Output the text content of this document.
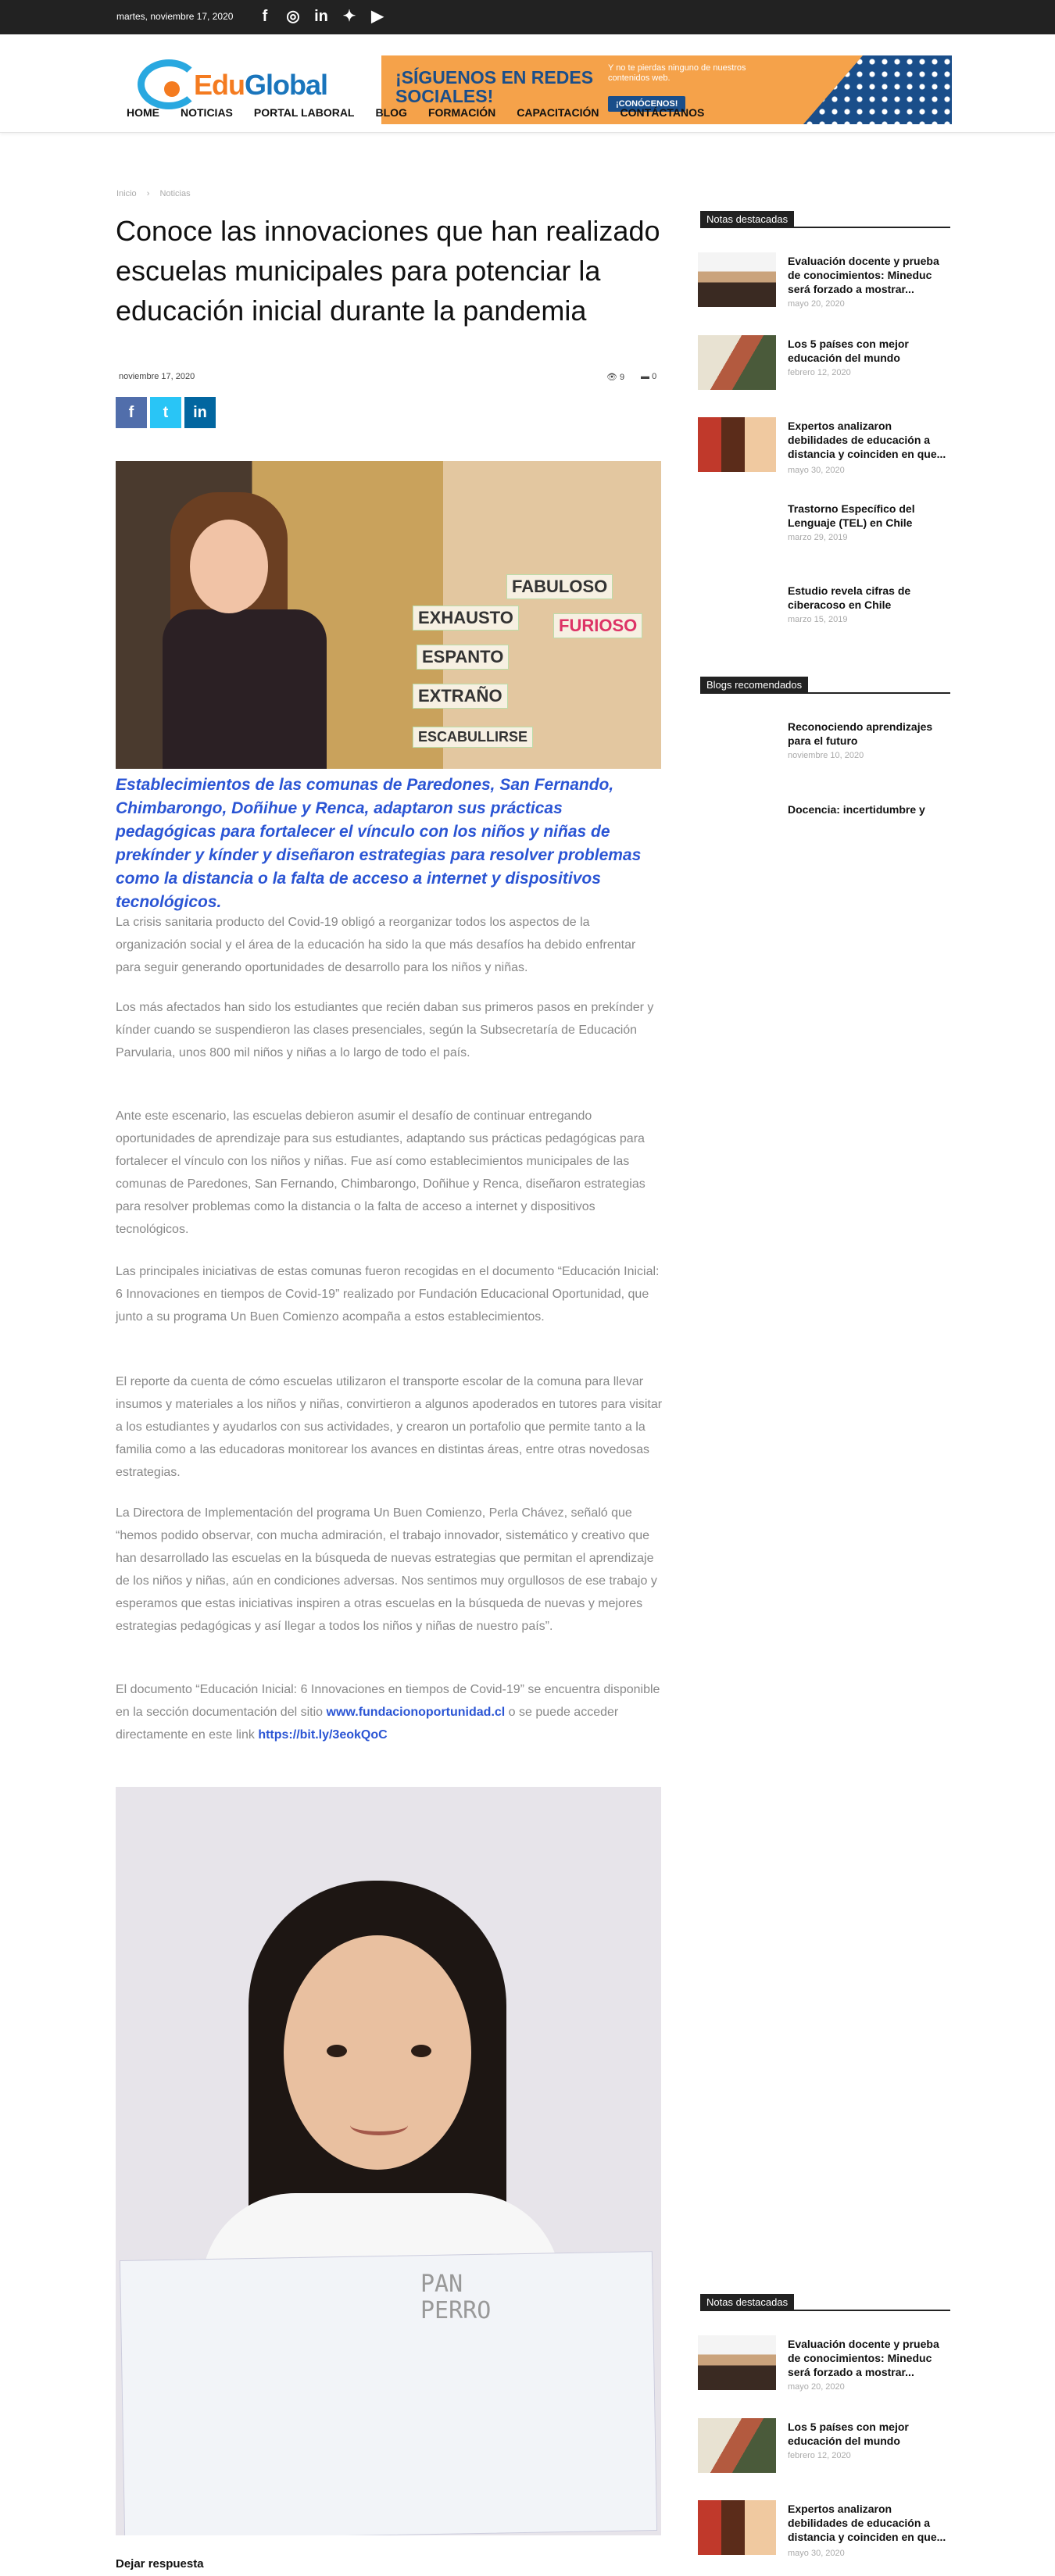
martes, noviembre 17, 2020	f	◎ in ✦ ▶
EduGlobal	¡SÍGUENOS EN REDES SOCIALES!
Y no te pierdas ninguno de nuestros contenidos web.
¡CONÓCENOS!
HOME NOTICIAS PORTAL LABORAL BLOG FORMACIÓN CAPACITACIÓN CONTÁCTANOS
Inicio › Noticias
Conoce las innovaciones que han realizado escuelas municipales para potenciar la educación inicial durante la pandemia
noviembre 17, 2020	👁 9 ▬ 0
f	t	in
FABULOSO
EXHAUSTO	FURIOSO
ESPANTO
EXTRAÑO
ESCABULLIRSE

Establecimientos de las comunas de Paredones, San Fernando, Chimbarongo, Doñihue y Renca, adaptaron sus prácticas pedagógicas para fortalecer el vínculo con los niños y niñas de prekínder y kínder y diseñaron estrategias para resolver problemas como la distancia o la falta de acceso a internet y dispositivos tecnológicos.

La crisis sanitaria producto del Covid-19 obligó a reorganizar todos los aspectos de la organización social y el área de la educación ha sido la que más desafíos ha debido enfrentar para seguir generando oportunidades de desarrollo para los niños y niñas.

Los más afectados han sido los estudiantes que recién daban sus primeros pasos en prekínder y kínder cuando se suspendieron las clases presenciales, según la Subsecretaría de Educación Parvularia, unos 800 mil niños y niñas a lo largo de todo el país.

Ante este escenario, las escuelas debieron asumir el desafío de continuar entregando oportunidades de aprendizaje para sus estudiantes, adaptando sus prácticas pedagógicas para fortalecer el vínculo con los niños y niñas. Fue así como establecimientos municipales de las comunas de Paredones, San Fernando, Chimbarongo, Doñihue y Renca, diseñaron estrategias para resolver problemas como la distancia o la falta de acceso a internet y dispositivos tecnológicos.

Las principales iniciativas de estas comunas fueron recogidas en el documento “Educación Inicial: 6 Innovaciones en tiempos de Covid-19” realizado por Fundación Educacional Oportunidad, que junto a su programa Un Buen Comienzo acompaña a estos establecimientos.

El reporte da cuenta de cómo escuelas utilizaron el transporte escolar de la comuna para llevar insumos y materiales a los niños y niñas, convirtieron a algunos apoderados en tutores para visitar a los estudiantes y ayudarlos con sus actividades, y crearon un portafolio que permite tanto a la familia como a las educadoras monitorear los avances en distintas áreas, entre otras novedosas estrategias.

La Directora de Implementación del programa Un Buen Comienzo, Perla Chávez, señaló que “hemos podido observar, con mucha admiración, el trabajo innovador, sistemático y creativo que han desarrollado las escuelas en la búsqueda de nuevas estrategias que permitan el aprendizaje de los niños y niñas, aún en condiciones adversas. Nos sentimos muy orgullosos de ese trabajo y esperamos que estas iniciativas inspiren a otras escuelas en la búsqueda de nuevas y mejores estrategias pedagógicas y así llegar a todos los niños y niñas de nuestro país”.

El documento “Educación Inicial: 6 Innovaciones en tiempos de Covid-19” se encuentra disponible en la sección documentación del sitio www.fundacionoportunidad.cl o se puede acceder directamente en este link https://bit.ly/3eokQoC

PAN
PERRO
Dejar respuesta
Notas destacadas
Evaluación docente y prueba de conocimientos: Mineduc será forzado a mostrar...
mayo 20, 2020
Los 5 países con mejor educación del mundo
febrero 12, 2020
Expertos analizaron debilidades de educación a distancia y coinciden en que...
mayo 30, 2020
Trastorno Específico del Lenguaje (TEL) en Chile
marzo 29, 2019
Estudio revela cifras de ciberacoso en Chile
marzo 15, 2019
Blogs recomendados
Reconociendo aprendizajes para el futuro
noviembre 10, 2020
Docencia: incertidumbre y
Notas destacadas
Evaluación docente y prueba de conocimientos: Mineduc será forzado a mostrar...
mayo 20, 2020
Los 5 países con mejor educación del mundo
febrero 12, 2020
Expertos analizaron debilidades de educación a distancia y coinciden en que...
mayo 30, 2020
